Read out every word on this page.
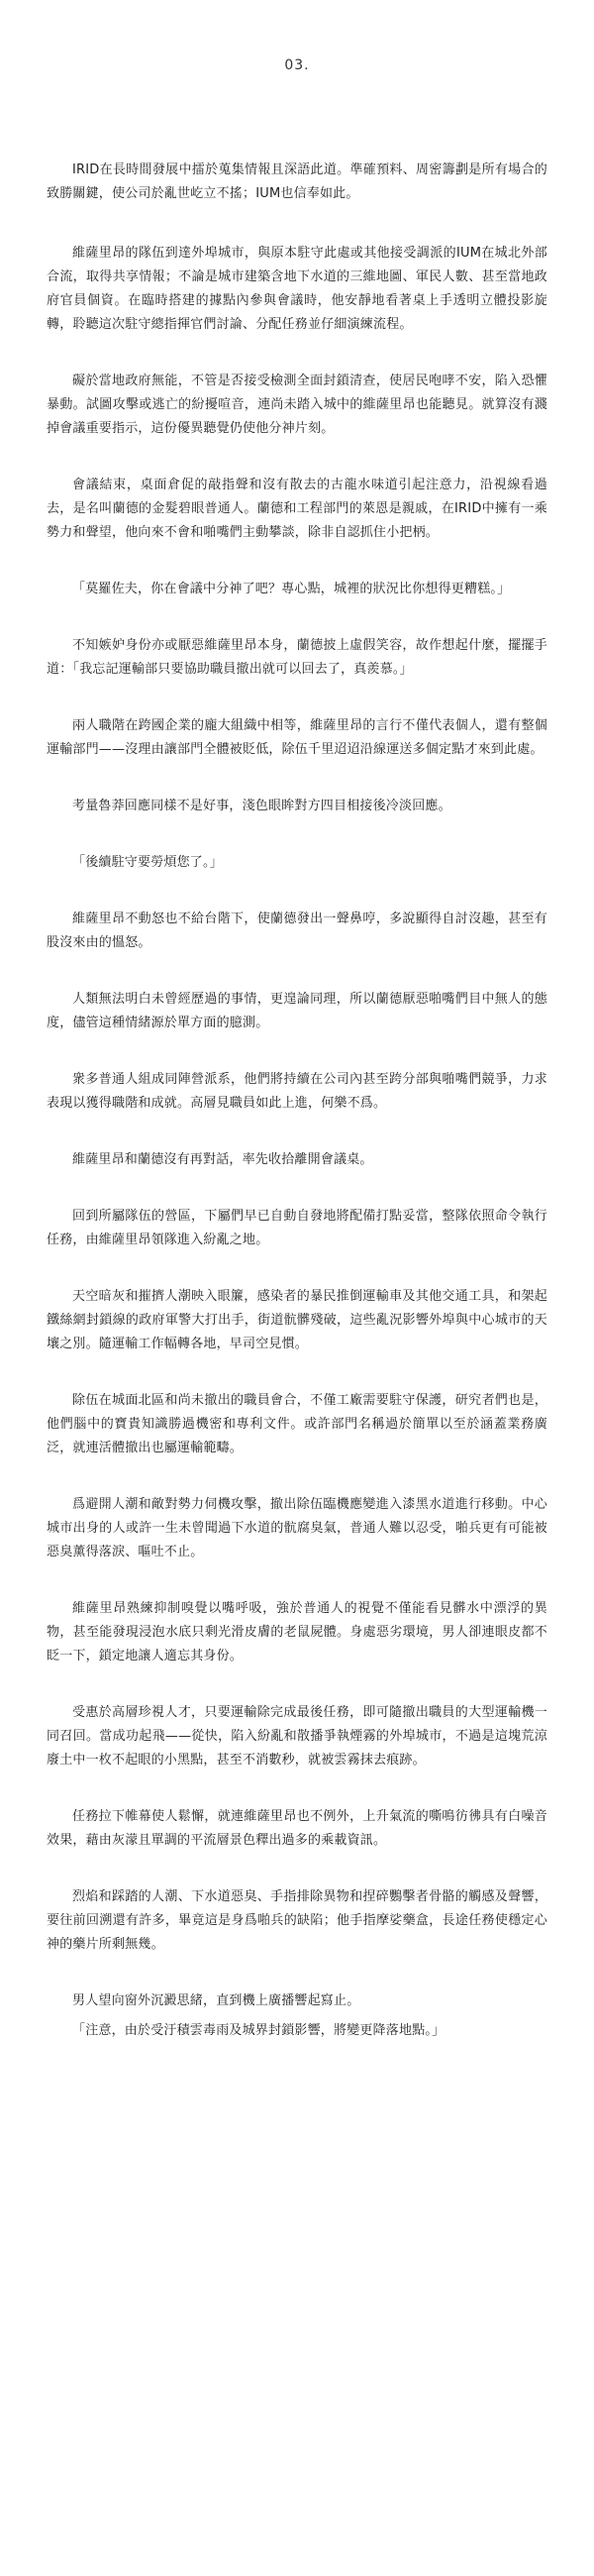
03.

IRID在長時間發展中擂於蒐集情報且深語此道。準確預料、周密籌劃是所有場合的致勝關鍵，使公司於亂世屹立不搖；IUM也信奉如此。

維薩里昂的隊伍到達外埠城市，與原本駐守此處或其他接受調派的IUM在城北外部合流，取得共享情報；不論是城市建築含地下水道的三維地圖、軍民人數、甚至當地政府官員個資。在臨時搭建的據點內參與會議時，他安靜地看著桌上手透明立體投影旋轉，聆聽這次駐守總指揮官們討論、分配任務並仔細演練流程。

礙於當地政府無能，不管是否接受檢測全面封鎖清查，使居民咆哮不安，陷入恐懼暴動。試圖攻擊或逃亡的紛擾喧音，連尚未踏入城中的維薩里昂也能聽見。就算沒有濺掉會議重要指示，這份優異聽覺仍使他分神片刻。

會議結束，桌面倉促的敲指聲和沒有散去的古龍水味道引起注意力，沿視線看過去，是名叫蘭德的金髮碧眼普通人。蘭德和工程部門的萊恩是親戚，在IRID中擁有一乘勢力和聲望，他向來不會和啪嘴們主動攀談，除非自認抓住小把柄。

「莫羅佐夫，你在會議中分神了吧？專心點，城裡的狀況比你想得更糟糕。」

不知嫉妒身份亦或厭惡維薩里昂本身，蘭德披上虛假笑容，故作想起什麼，擺擺手道：「我忘記運輸部只要協助職員撤出就可以回去了，真羨慕。」

兩人職階在跨國企業的龐大組織中相等，維薩里昂的言行不僅代表個人，還有整個運輸部門——沒理由讓部門全體被貶低，除伍千里迢迢沿線運送多個定點才來到此處。

考量魯莽回應同樣不是好事，淺色眼眸對方四目相接後冷淡回應。

「後續駐守要勞煩您了。」

維薩里昂不動怒也不給台階下，使蘭德發出一聲鼻哼，多說顯得自討沒趣，甚至有股沒來由的慍怒。

人類無法明白未曾經歷過的事情，更遑論同理，所以蘭德厭惡啪嘴們目中無人的態度，儘管這種情緒源於單方面的臆測。

衆多普通人組成同陣營派系，他們將持續在公司內甚至跨分部與啪嘴們競爭，力求表現以獲得職階和成就。高層見職員如此上進，何樂不爲。

維薩里昂和蘭德沒有再對話，率先收拾離開會議桌。

回到所屬隊伍的營區，下屬們早已自動自發地將配備打點妥當，整隊依照命令執行任務，由維薩里昂領隊進入紛亂之地。

天空暗灰和摧擠人潮映入眼簾，感染者的暴民推倒運輸車及其他交通工具，和架起鐵絲網封鎖線的政府軍警大打出手，街道骯髒殘破，這些亂況影響外埠與中心城市的天壤之別。隨運輸工作幅轉各地，早司空見慣。

除伍在城面北區和尚未撤出的職員會合，不僅工廠需要駐守保護，研究者們也是，他們腦中的寶貴知識勝過機密和專利文件。或許部門名稱過於簡單以至於涵蓋業務廣泛，就連活體撤出也屬運輸範疇。

爲避開人潮和敵對勢力伺機攻擊，撤出除伍臨機應變進入漆黑水道進行移動。中心城市出身的人或許一生未曾聞過下水道的骯腐臭氣，普通人難以忍受，啪兵更有可能被惡臭薰得落淚、嘔吐不止。

維薩里昂熟練抑制嗅覺以嘴呼吸，強於普通人的視覺不僅能看見髒水中漂浮的異物，甚至能發現浸泡水底只剩光滑皮膚的老鼠屍體。身處惡劣環境，男人卻連眼皮都不眨一下，鎖定地讓人適忘其身份。

受惠於高層珍視人才，只要運輸除完成最後任務，即可隨撤出職員的大型運輸機一同召回。當成功起飛——從快，陷入紛亂和散播爭執煙霧的外埠城市，不過是這塊荒涼廢土中一枚不起眼的小黑點，甚至不消數秒，就被雲霧抹去痕跡。

任務拉下帷幕使人鬆懈，就連維薩里昂也不例外，上升氣流的嘶鳴彷彿具有白噪音效果，藉由灰濛且單調的平流層景色釋出過多的乘載資訊。

烈焰和踩踏的人潮、下水道惡臭、手指排除異物和捏碎鸚擊者骨骼的觸感及聲響，要往前回溯還有許多，畢竟這是身爲啪兵的缺陷；他手指摩娑藥盒，長途任務使穩定心神的藥片所剩無幾。

男人望向窗外沉澱思緒，直到機上廣播響起寫止。

「注意，由於受汙積雲毒雨及城界封鎖影響，將變更降落地點。」
